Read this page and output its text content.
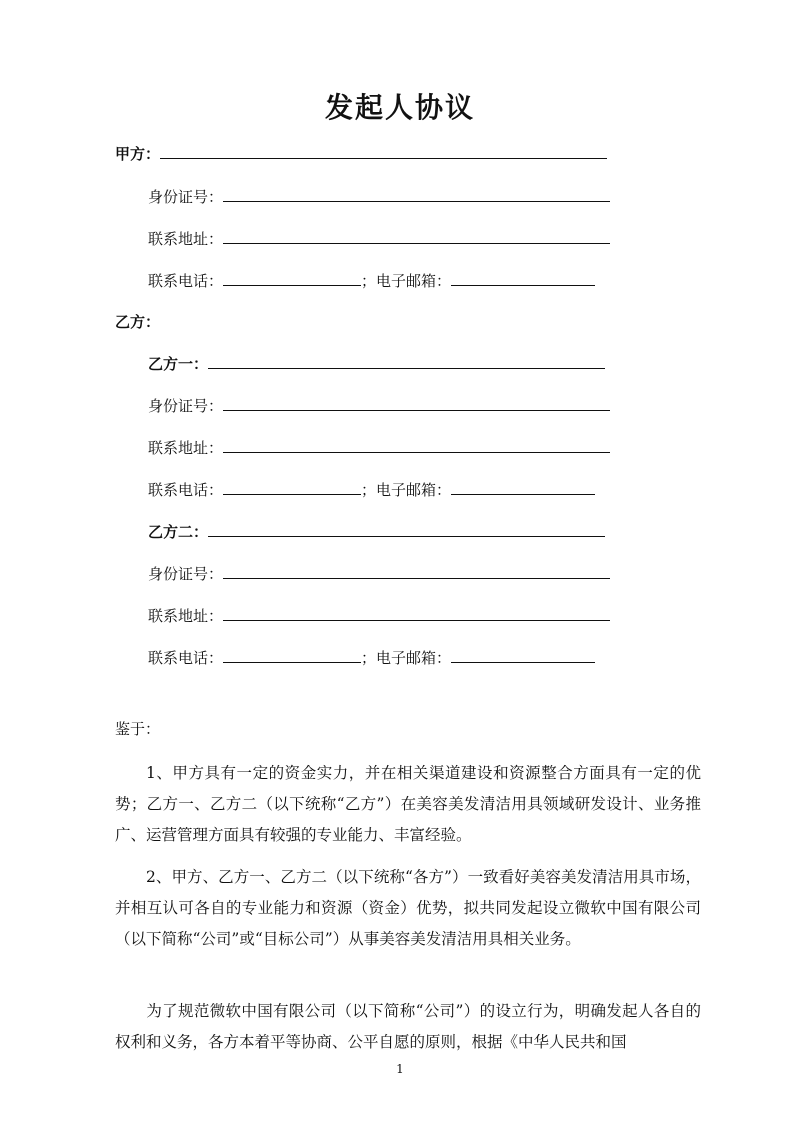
发起人协议
甲方：
身份证号：
联系地址：
联系电话：	；电子邮箱：
乙方：
乙方一：
身份证号：
联系地址：
联系电话：	；电子邮箱：
乙方二：
身份证号：
联系地址：
联系电话：	；电子邮箱：
鉴于：
1、甲方具有一定的资金实力，并在相关渠道建设和资源整合方面具有一定的优势；乙方一、乙方二（以下统称“乙方”）在美容美发清洁用具领域研发设计、业务推广、运营管理方面具有较强的专业能力、丰富经验。
2、甲方、乙方一、乙方二（以下统称“各方”）一致看好美容美发清洁用具市场，并相互认可各自的专业能力和资源（资金）优势，拟共同发起设立微软中国有限公司（以下简称“公司”或“目标公司”）从事美容美发清洁用具相关业务。
为了规范微软中国有限公司（以下简称“公司”）的设立行为，明确发起人各自的权利和义务，各方本着平等协商、公平自愿的原则，根据《中华人民共和国
1
